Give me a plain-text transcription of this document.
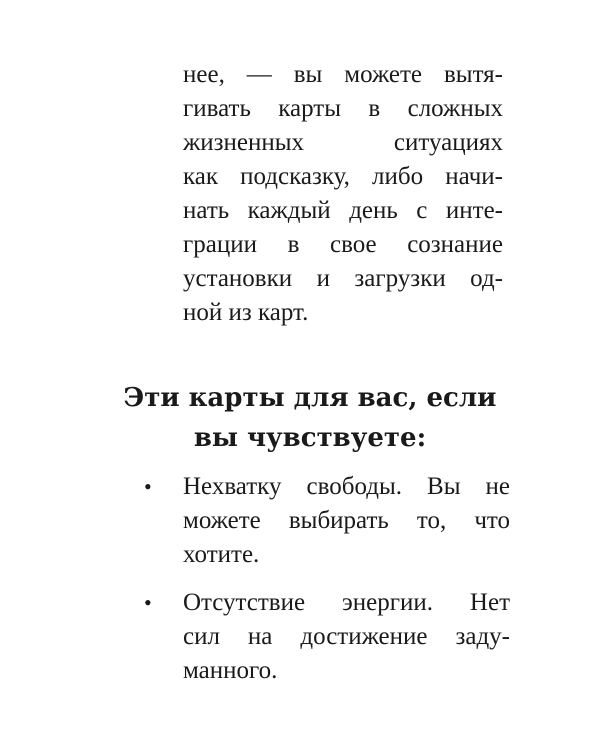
нее, — вы можете вытя-
гивать карты в сложных
жизненных ситуациях
как подсказку, либо начи-
нать каждый день с инте-
грации в свое сознание
установки и загрузки од-
ной из карт.
Эти карты для вас, если
вы чувствуете:
• Нехватку свободы. Вы не
можете выбирать то, что
хотите.
• Отсутствие энергии. Нет
сил на достижение заду-
манного.
